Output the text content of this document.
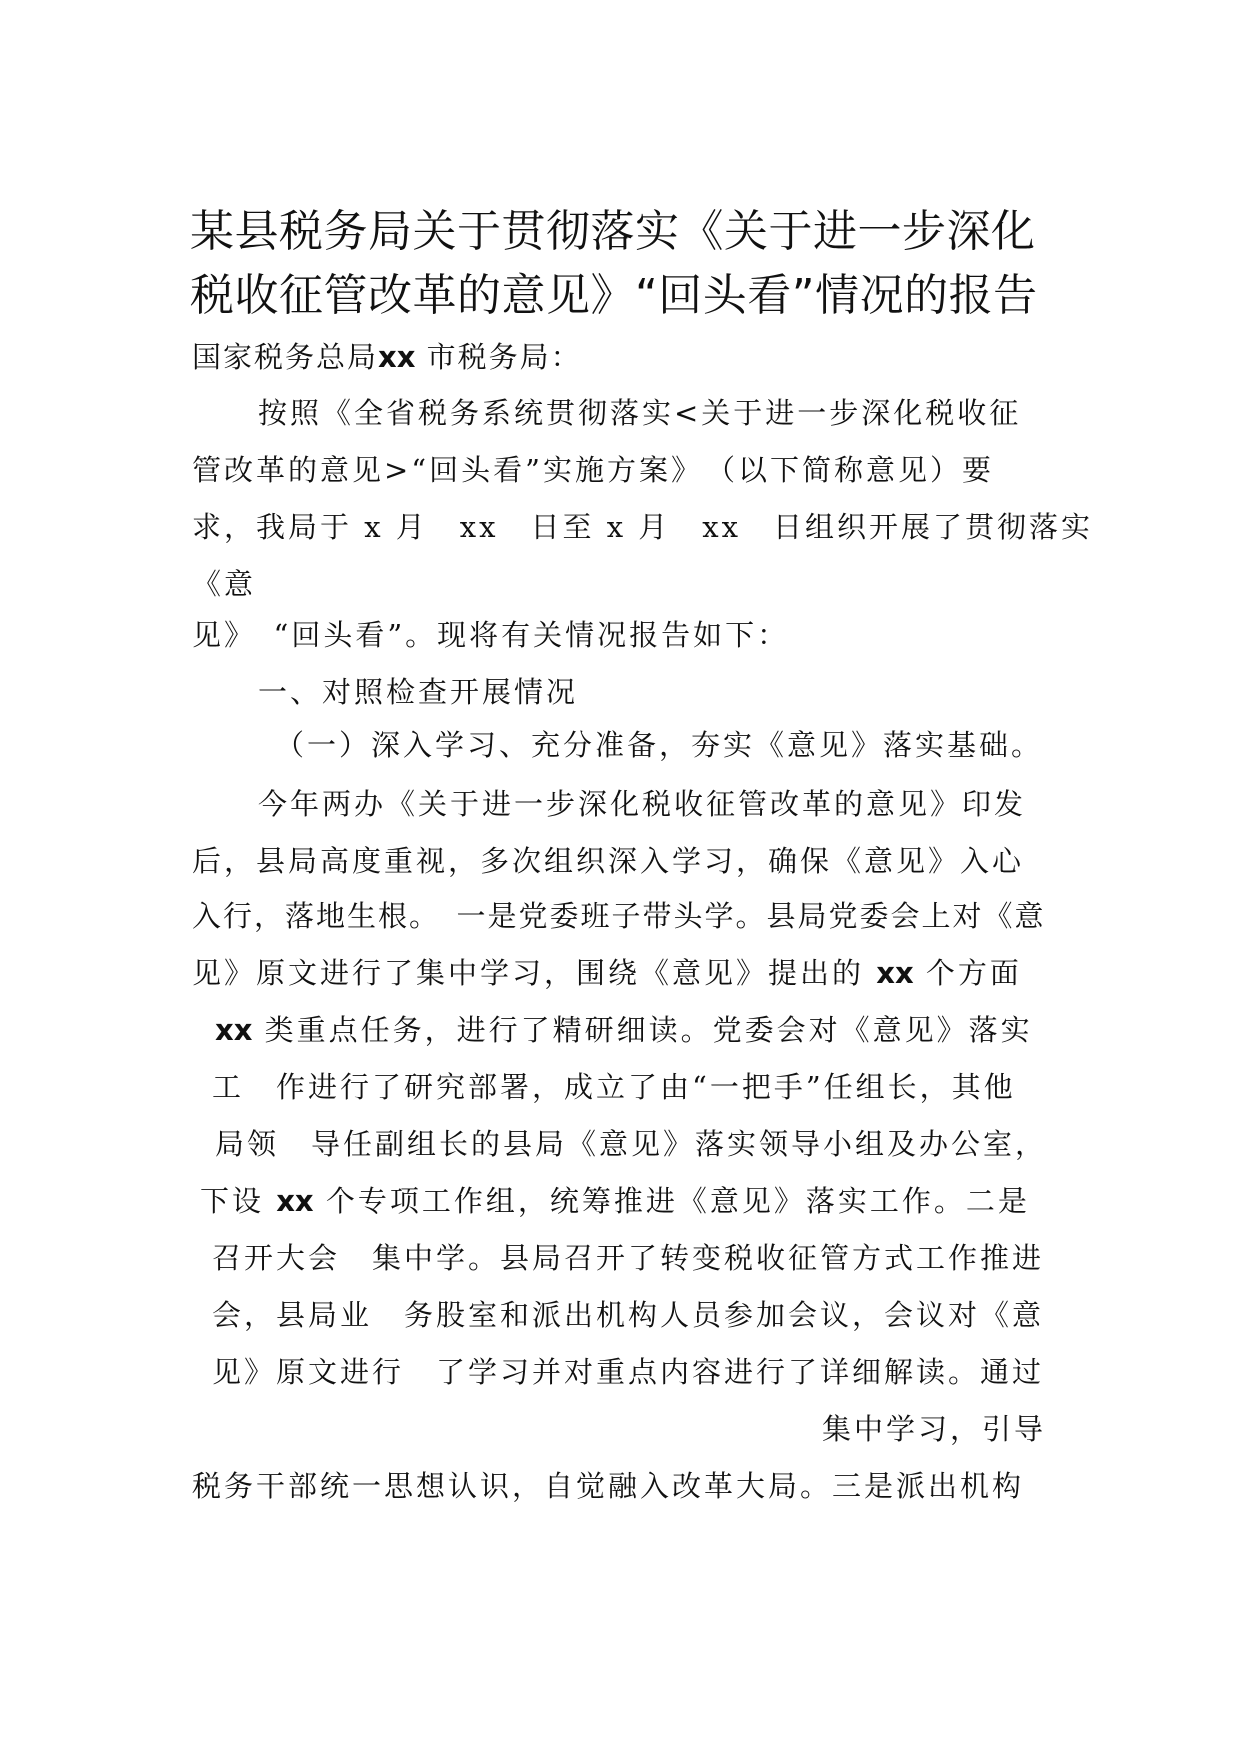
某县税务局关于贯彻落实《关于进一步深化
税收征管改革的意见》“回头看”情况的报告
国家税务总局xx 市税务局：
按照《全省税务系统贯彻落实<关于进一步深化税收征
管改革的意见>“回头看”实施方案》　（以下简称意见）要
求，我局于 x 月　xx　日至 x 月　xx　日组织开展了贯彻落实
《意
见》　“回头看”。现将有关情况报告如下：
一、对照检查开展情况
（一）深入学习、充分准备，夯实《意见》落实基础。
今年两办《关于进一步深化税收征管改革的意见》印发
后，县局高度重视，多次组织深入学习，确保《意见》入心
入行，落地生根。　一是党委班子带头学。县局党委会上对《意
见》原文进行了集中学习，围绕《意见》提出的 xx 个方面
xx 类重点任务，进行了精研细读。党委会对《意见》落实
工　作进行了研究部署，成立了由“一把手”任组长，其他
局领　导任副组长的县局《意见》落实领导小组及办公室，
下设 xx 个专项工作组，统筹推进《意见》落实工作。二是
召开大会　集中学。县局召开了转变税收征管方式工作推进
会，县局业　务股室和派出机构人员参加会议，会议对《意
见》原文进行　了学习并对重点内容进行了详细解读。通过
集中学习，引导
税务干部统一思想认识，自觉融入改革大局。三是派出机构
